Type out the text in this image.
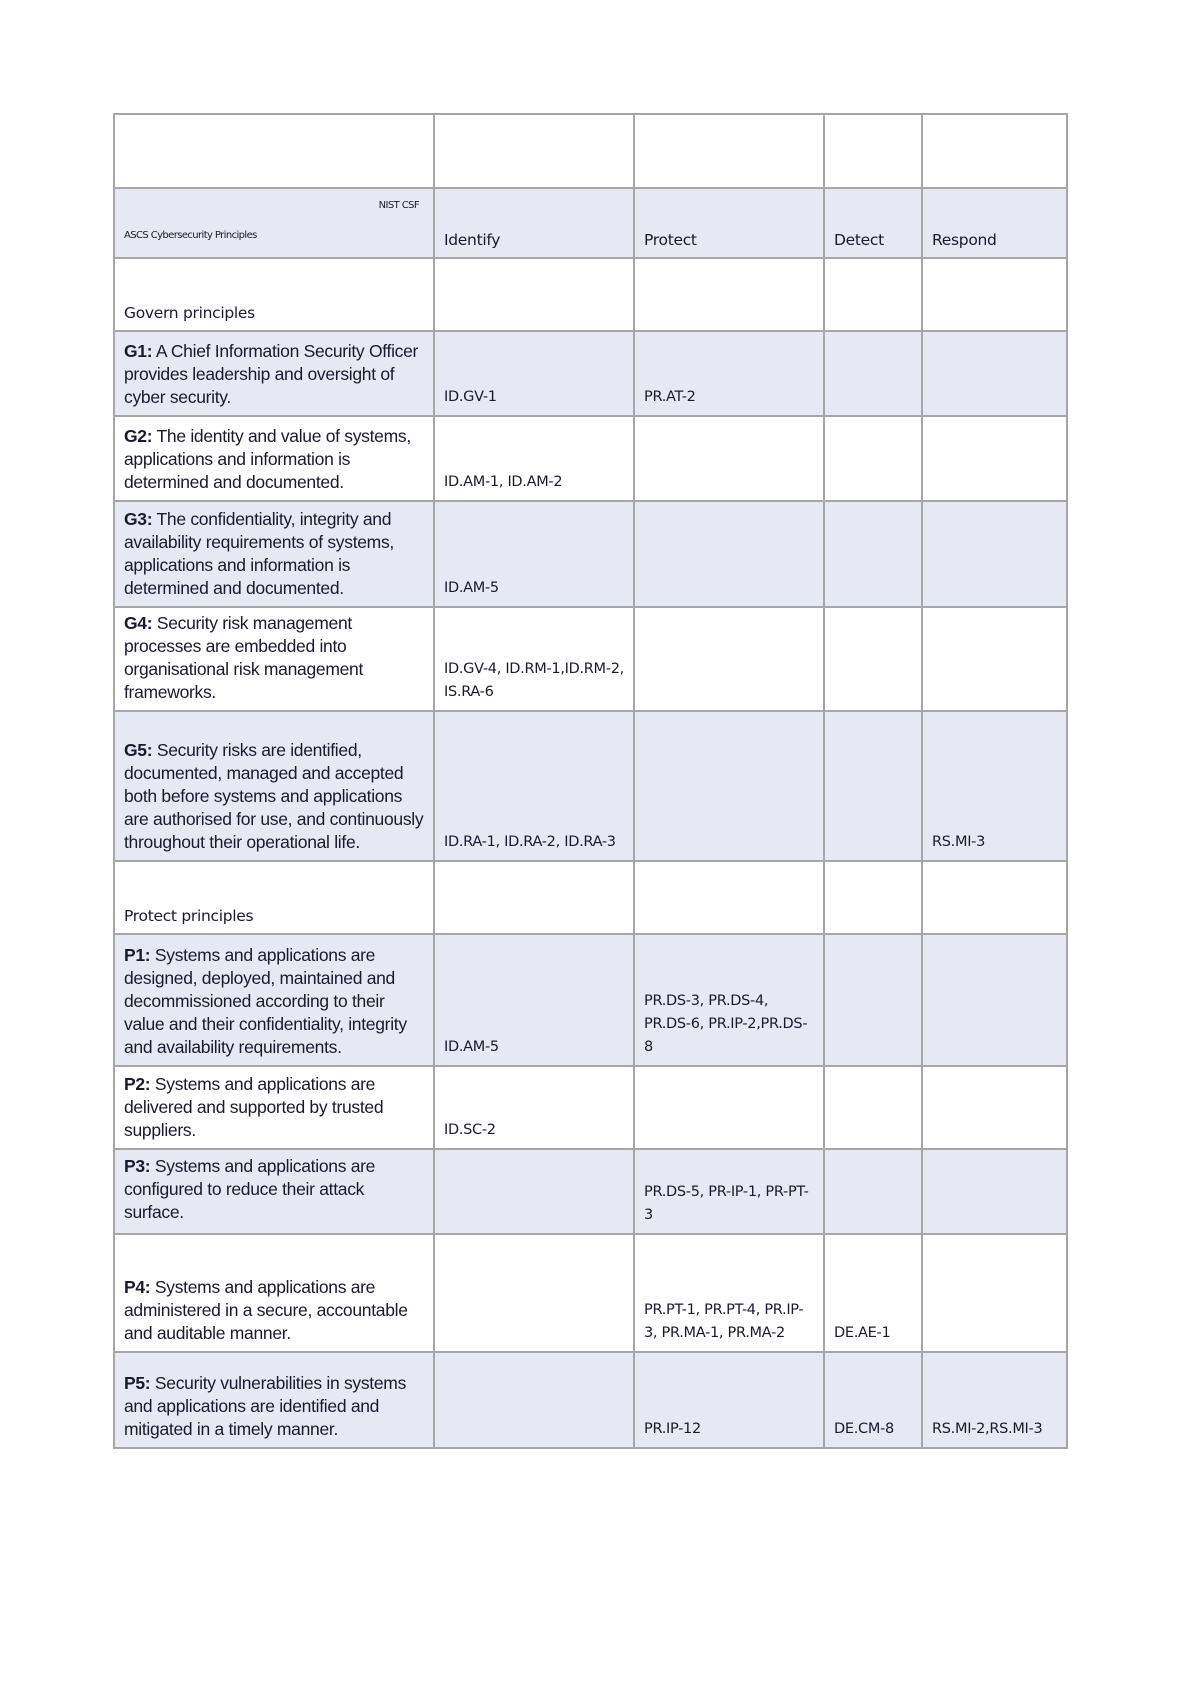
NIST CSF
ASCS Cybersecurity Principles	Identify	Protect	Detect	Respond
Govern principles				
G1: A Chief Information Security Officer provides leadership and oversight of cyber security.	ID.GV-1	PR.AT-2		
G2: The identity and value of systems, applications and information is determined and documented.	ID.AM-1, ID.AM-2			
G3: The confidentiality, integrity and availability requirements of systems, applications and information is determined and documented.	ID.AM-5			
G4: Security risk management processes are embedded into organisational risk management frameworks.	ID.GV-4, ID.RM-1,ID.RM-2, IS.RA-6			
G5: Security risks are identified, documented, managed and accepted both before systems and applications are authorised for use, and continuously throughout their operational life.	ID.RA-1, ID.RA-2, ID.RA-3			RS.MI-3
Protect principles				
P1: Systems and applications are designed, deployed, maintained and decommissioned according to their value and their confidentiality, integrity and availability requirements.	ID.AM-5	PR.DS-3, PR.DS-4, PR.DS-6, PR.IP-2,PR.DS-8		
P2: Systems and applications are delivered and supported by trusted suppliers.	ID.SC-2			
P3: Systems and applications are configured to reduce their attack surface.		PR.DS-5, PR-IP-1, PR-PT-3		
P4: Systems and applications are administered in a secure, accountable and auditable manner.		PR.PT-1, PR.PT-4, PR.IP-3, PR.MA-1, PR.MA-2	DE.AE-1	
P5: Security vulnerabilities in systems and applications are identified and mitigated in a timely manner.		PR.IP-12	DE.CM-8	RS.MI-2,RS.MI-3
